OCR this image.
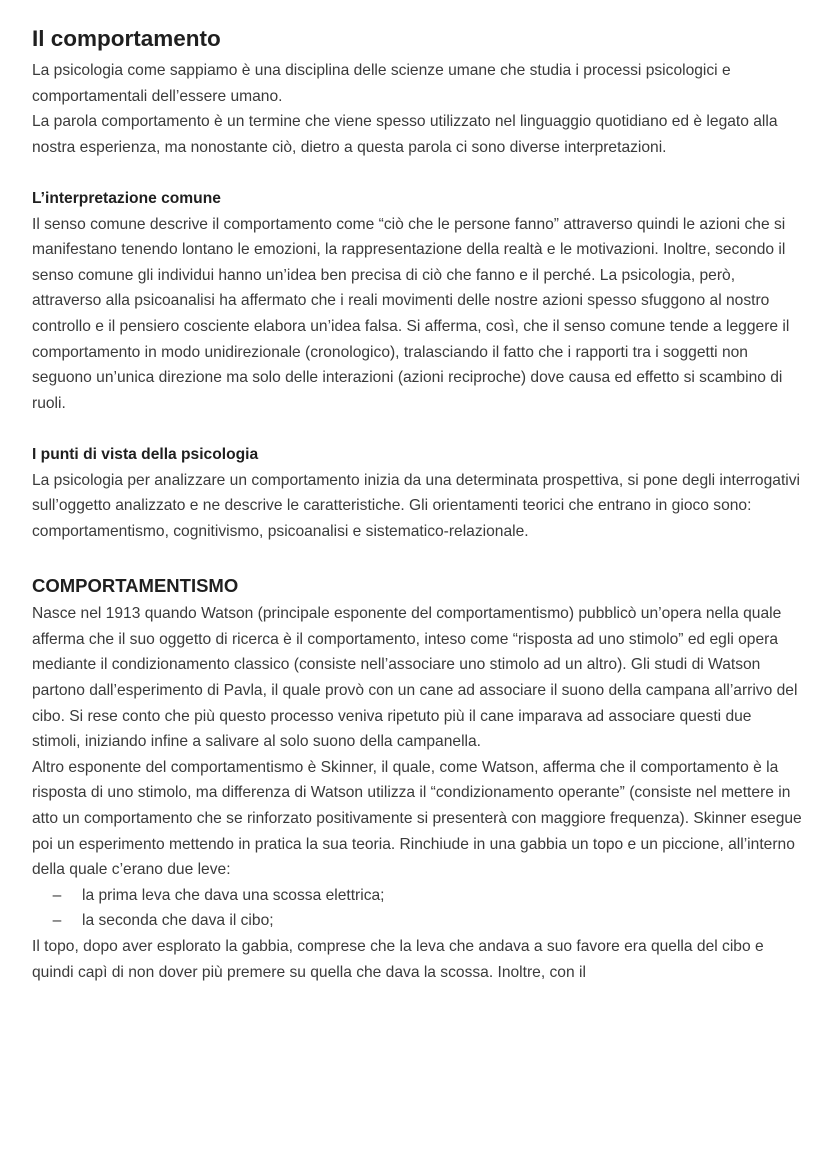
Il comportamento

La psicologia come sappiamo è una disciplina delle scienze umane che studia i processi psicologici e comportamentali dell’essere umano.

La parola comportamento è un termine che viene spesso utilizzato nel linguaggio quotidiano ed è legato alla nostra esperienza, ma nonostante ciò, dietro a questa parola ci sono diverse interpretazioni.

L’interpretazione comune

Il senso comune descrive il comportamento come “ciò che le persone fanno” attraverso quindi le azioni che si manifestano tenendo lontano le emozioni, la rappresentazione della realtà e le motivazioni. Inoltre, secondo il senso comune gli individui hanno un’idea ben precisa di ciò che fanno e il perché. La psicologia, però, attraverso alla psicoanalisi ha affermato che i reali movimenti delle nostre azioni spesso sfuggono al nostro controllo e il pensiero cosciente elabora un’idea falsa. Si afferma, così, che il senso comune tende a leggere il comportamento in modo unidirezionale (cronologico), tralasciando il fatto che i rapporti tra i soggetti non seguono un’unica direzione ma solo delle interazioni (azioni reciproche) dove causa ed effetto si scambino di ruoli.

I punti di vista della psicologia

La psicologia per analizzare un comportamento inizia da una determinata prospettiva, si pone degli interrogativi sull’oggetto analizzato e ne descrive le caratteristiche. Gli orientamenti teorici che entrano in gioco sono: comportamentismo, cognitivismo, psicoanalisi e sistematico-relazionale.

COMPORTAMENTISMO

Nasce nel 1913 quando Watson (principale esponente del comportamentismo) pubblicò un’opera nella quale afferma che il suo oggetto di ricerca è il comportamento, inteso come “risposta ad uno stimolo” ed egli opera mediante il condizionamento classico (consiste nell’associare uno stimolo ad un altro). Gli studi di Watson partono dall’esperimento di Pavla, il quale provò con un cane ad associare il suono della campana all’arrivo del cibo. Si rese conto che più questo processo veniva ripetuto più il cane imparava ad associare questi due stimoli, iniziando infine a salivare al solo suono della campanella.

Altro esponente del comportamentismo è Skinner, il quale, come Watson, afferma che il comportamento è la risposta di uno stimolo, ma differenza di Watson utilizza il “condizionamento operante” (consiste nel mettere in atto un comportamento che se rinforzato positivamente si presenterà con maggiore frequenza). Skinner esegue poi un esperimento mettendo in pratica la sua teoria. Rinchiude in una gabbia un topo e un piccione, all’interno della quale c’erano due leve:

– la prima leva che dava una scossa elettrica;
– la seconda che dava il cibo;

Il topo, dopo aver esplorato la gabbia, comprese che la leva che andava a suo favore era quella del cibo e quindi capì di non dover più premere su quella che dava la scossa. Inoltre, con il
